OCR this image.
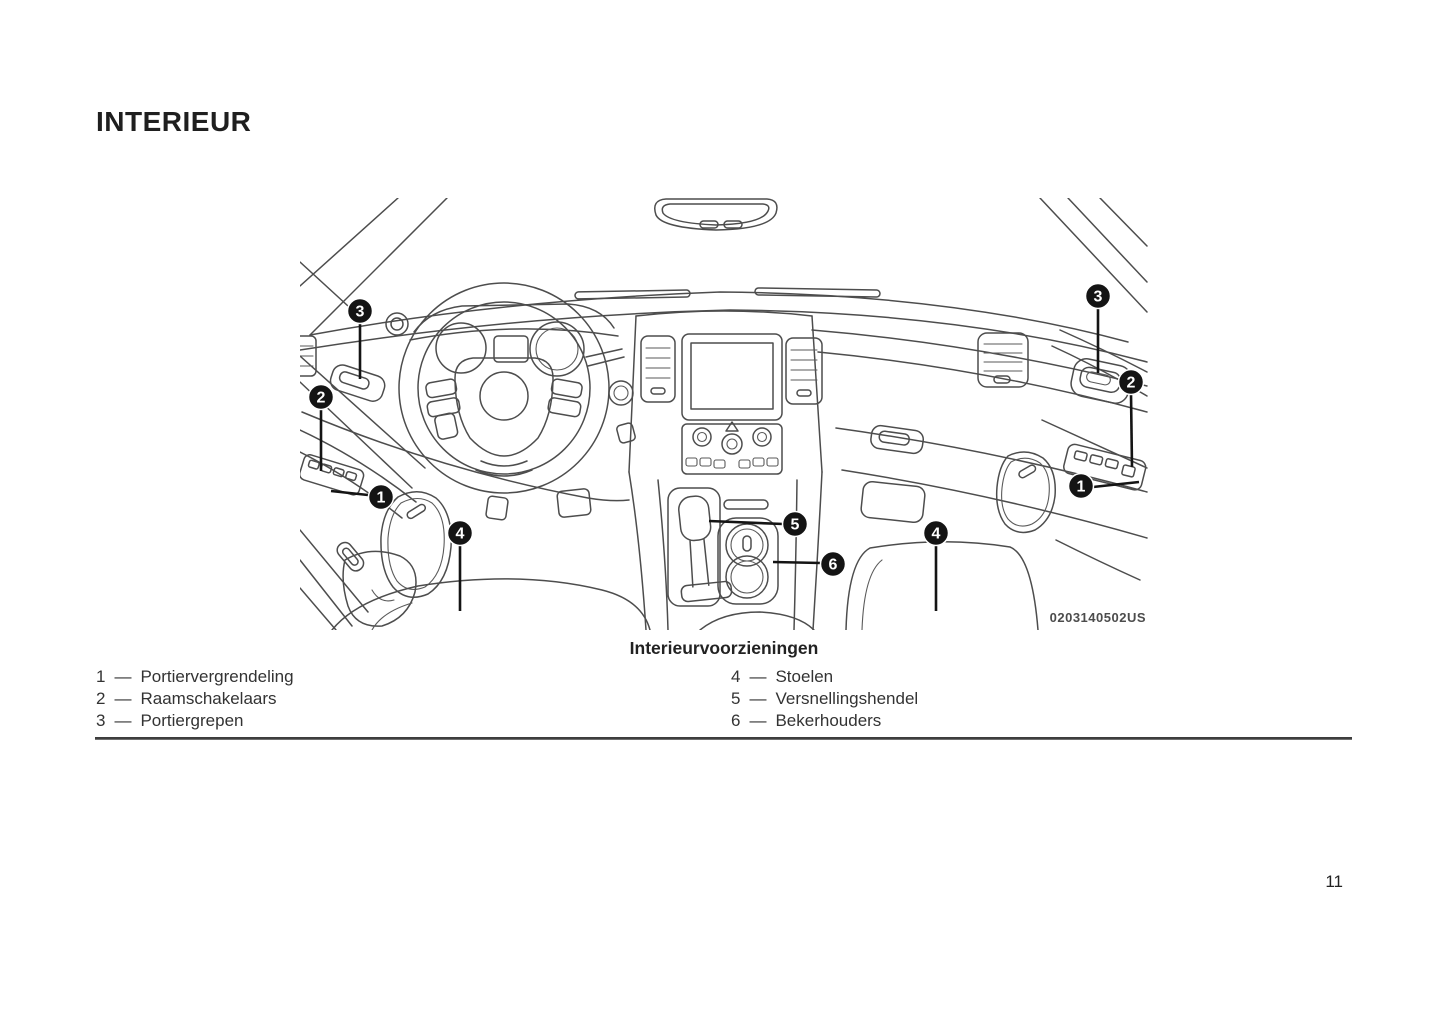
INTERIEUR
3
2
1
4
5
6
4
3
2
1
0203140502US
Interieurvoorzieningen
1 — Portiervergrendeling
2 — Raamschakelaars
3 — Portiergrepen
4 — Stoelen
5 — Versnellingshendel
6 — Bekerhouders
11
